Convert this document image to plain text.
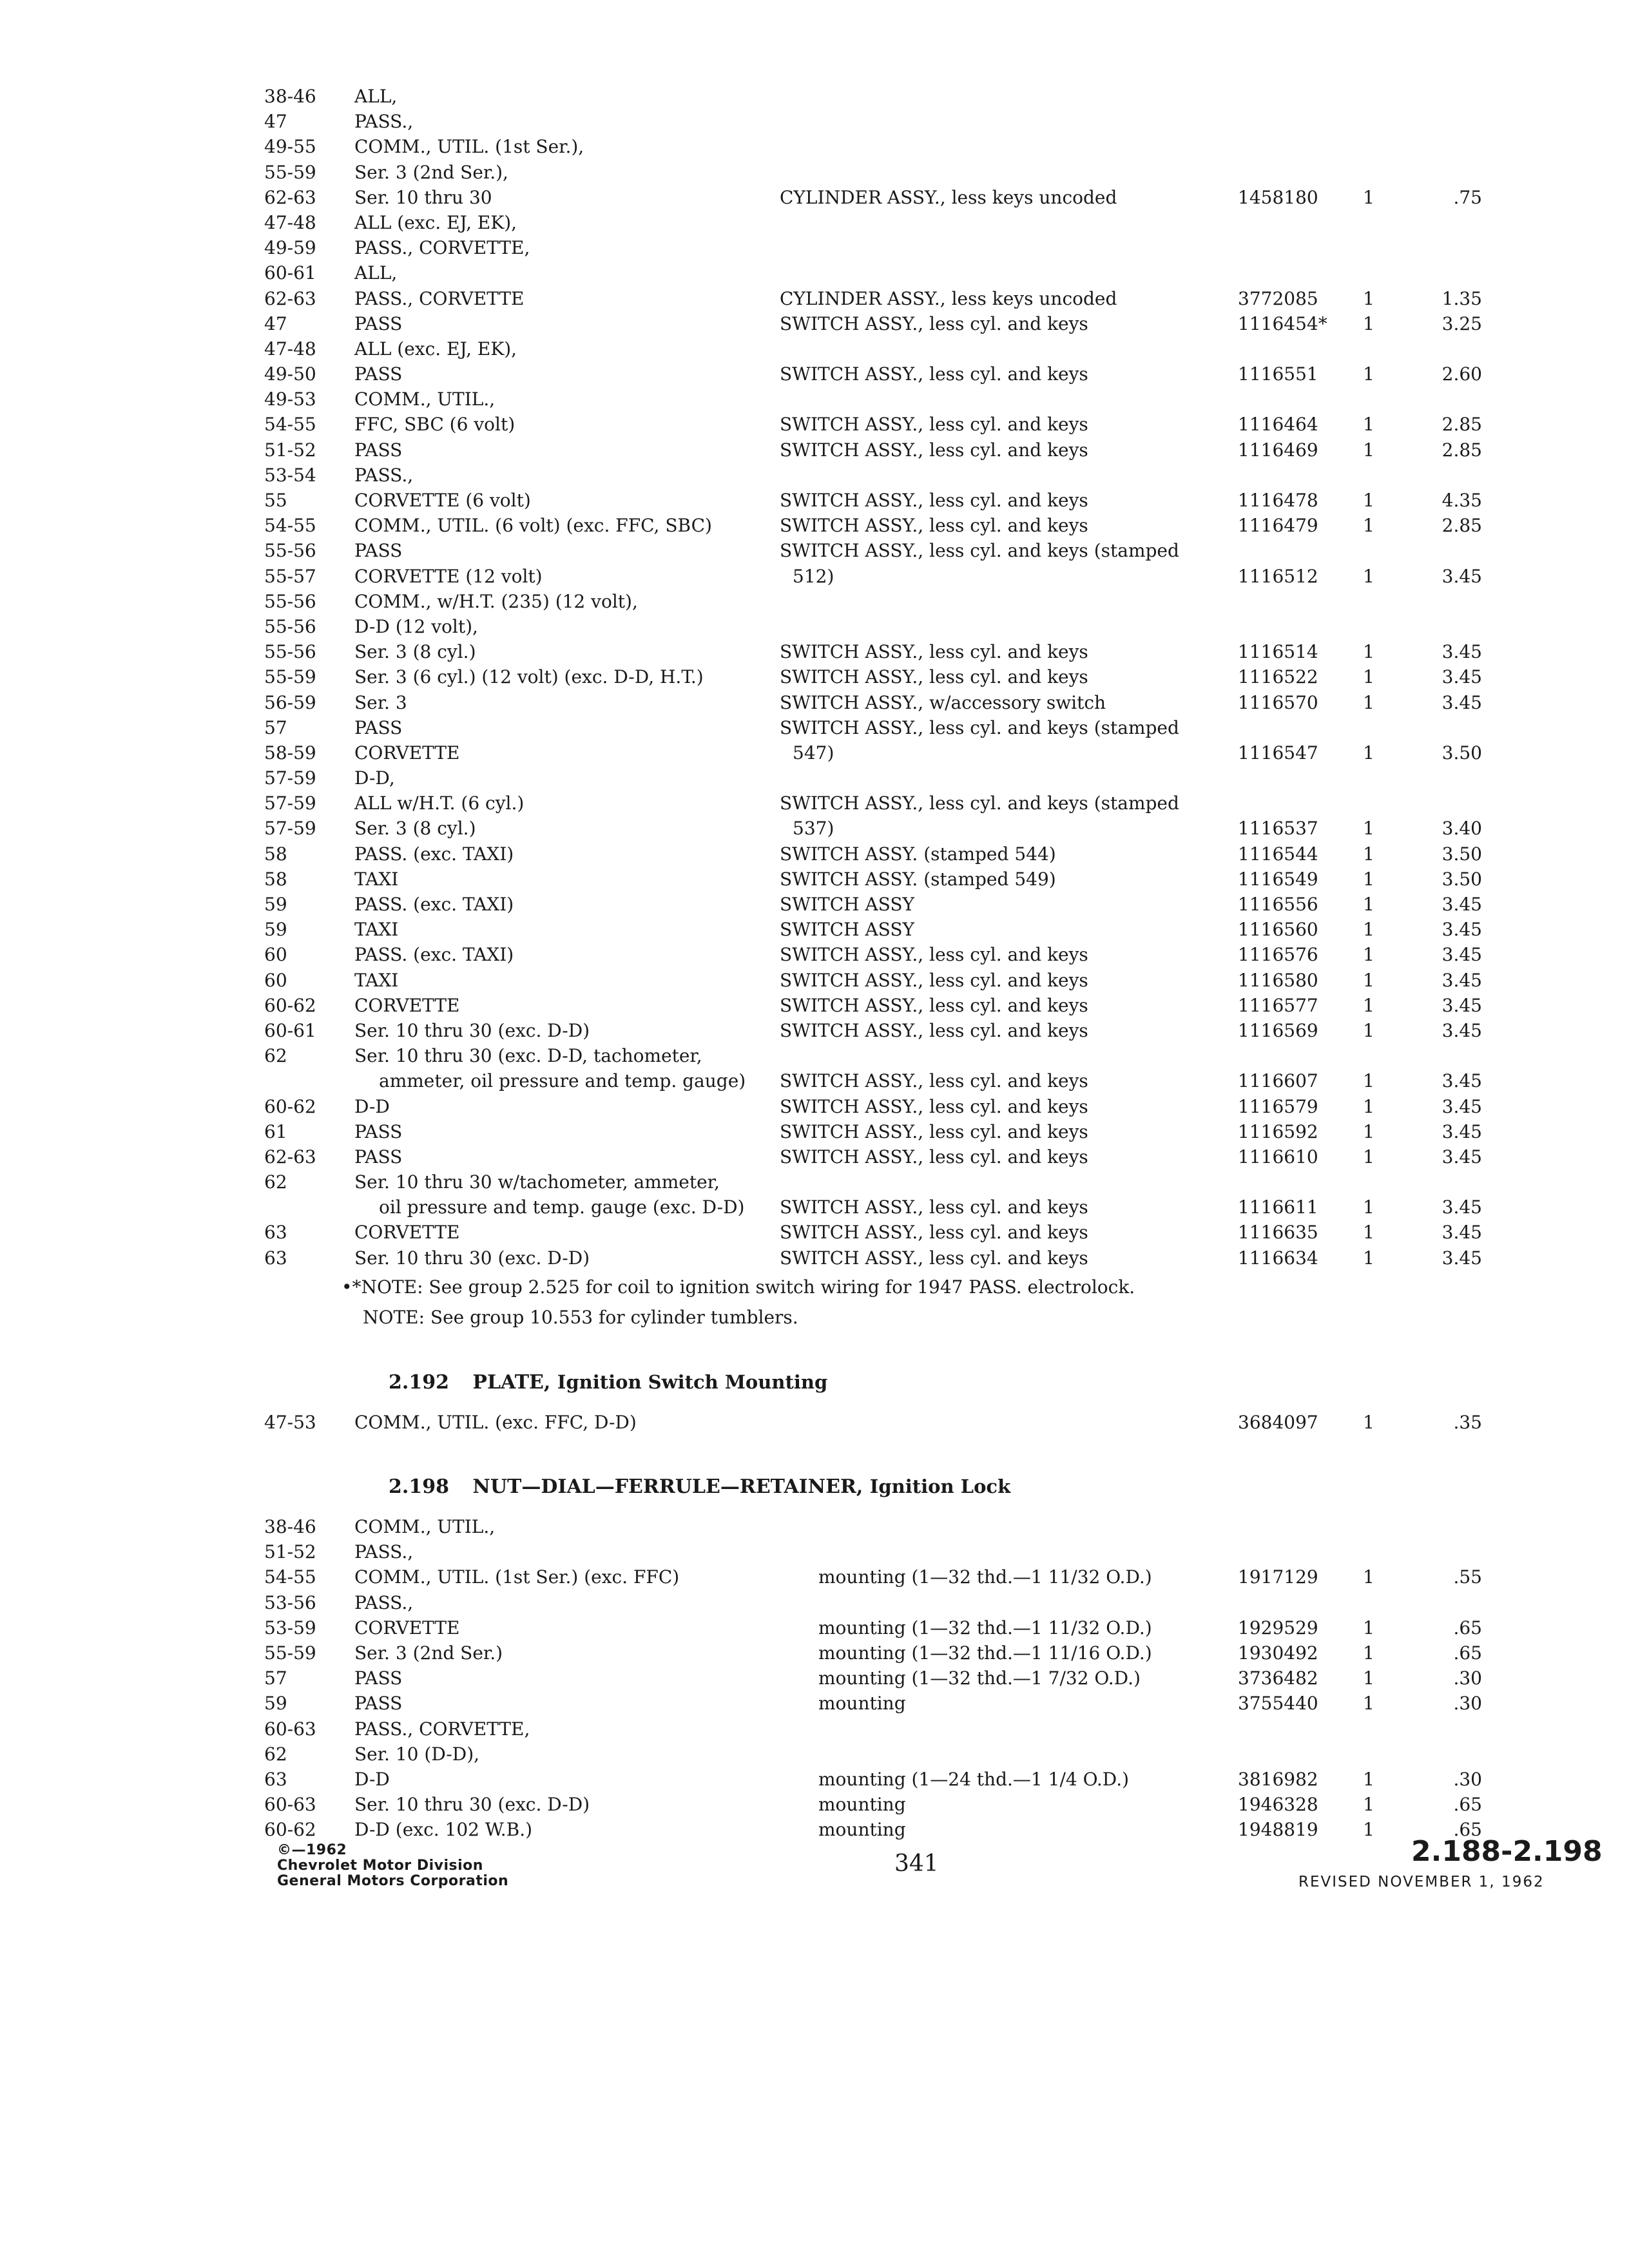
38-46	ALL,
47	PASS.,
49-55	COMM., UTIL. (1st Ser.),
55-59	Ser. 3 (2nd Ser.),
62-63	Ser. 10 thru 30	CYLINDER ASSY., less keys uncoded	1458180	1	.75
47-48	ALL (exc. EJ, EK),
49-59	PASS., CORVETTE,
60-61	ALL,
62-63	PASS., CORVETTE	CYLINDER ASSY., less keys uncoded	3772085	1	1.35
47	PASS	SWITCH ASSY., less cyl. and keys	1116454*	1	3.25
47-48	ALL (exc. EJ, EK),
49-50	PASS	SWITCH ASSY., less cyl. and keys	1116551	1	2.60
49-53	COMM., UTIL.,
54-55	FFC, SBC (6 volt)	SWITCH ASSY., less cyl. and keys	1116464	1	2.85
51-52	PASS	SWITCH ASSY., less cyl. and keys	1116469	1	2.85
53-54	PASS.,
55	CORVETTE (6 volt)	SWITCH ASSY., less cyl. and keys	1116478	1	4.35
54-55	COMM., UTIL. (6 volt) (exc. FFC, SBC)	SWITCH ASSY., less cyl. and keys	1116479	1	2.85
55-56	PASS	SWITCH ASSY., less cyl. and keys (stamped
55-57	CORVETTE (12 volt)	512)	1116512	1	3.45
55-56	COMM., w/H.T. (235) (12 volt),
55-56	D-D (12 volt),
55-56	Ser. 3 (8 cyl.)	SWITCH ASSY., less cyl. and keys	1116514	1	3.45
55-59	Ser. 3 (6 cyl.) (12 volt) (exc. D-D, H.T.)	SWITCH ASSY., less cyl. and keys	1116522	1	3.45
56-59	Ser. 3	SWITCH ASSY., w/accessory switch	1116570	1	3.45
57	PASS	SWITCH ASSY., less cyl. and keys (stamped
58-59	CORVETTE	547)	1116547	1	3.50
57-59	D-D,
57-59	ALL w/H.T. (6 cyl.)	SWITCH ASSY., less cyl. and keys (stamped
57-59	Ser. 3 (8 cyl.)	537)	1116537	1	3.40
58	PASS. (exc. TAXI)	SWITCH ASSY. (stamped 544)	1116544	1	3.50
58	TAXI	SWITCH ASSY. (stamped 549)	1116549	1	3.50
59	PASS. (exc. TAXI)	SWITCH ASSY	1116556	1	3.45
59	TAXI	SWITCH ASSY	1116560	1	3.45
60	PASS. (exc. TAXI)	SWITCH ASSY., less cyl. and keys	1116576	1	3.45
60	TAXI	SWITCH ASSY., less cyl. and keys	1116580	1	3.45
60-62	CORVETTE	SWITCH ASSY., less cyl. and keys	1116577	1	3.45
60-61	Ser. 10 thru 30 (exc. D-D)	SWITCH ASSY., less cyl. and keys	1116569	1	3.45
62	Ser. 10 thru 30 (exc. D-D, tachometer,
ammeter, oil pressure and temp. gauge)	SWITCH ASSY., less cyl. and keys	1116607	1	3.45
60-62	D-D	SWITCH ASSY., less cyl. and keys	1116579	1	3.45
61	PASS	SWITCH ASSY., less cyl. and keys	1116592	1	3.45
62-63	PASS	SWITCH ASSY., less cyl. and keys	1116610	1	3.45
62	Ser. 10 thru 30 w/tachometer, ammeter,
oil pressure and temp. gauge (exc. D-D)	SWITCH ASSY., less cyl. and keys	1116611	1	3.45
63	CORVETTE	SWITCH ASSY., less cyl. and keys	1116635	1	3.45
63	Ser. 10 thru 30 (exc. D-D)	SWITCH ASSY., less cyl. and keys	1116634	1	3.45
•*NOTE: See group 2.525 for coil to ignition switch wiring for 1947 PASS. electrolock.
NOTE: See group 10.553 for cylinder tumblers.
2.192 PLATE, Ignition Switch Mounting
47-53	COMM., UTIL. (exc. FFC, D-D)	3684097	1	.35
2.198 NUT—DIAL—FERRULE—RETAINER, Ignition Lock
38-46	COMM., UTIL.,
51-52	PASS.,
54-55	COMM., UTIL. (1st Ser.) (exc. FFC)	mounting (1—32 thd.—1 11/32 O.D.)	1917129	1	.55
53-56	PASS.,
53-59	CORVETTE	mounting (1—32 thd.—1 11/32 O.D.)	1929529	1	.65
55-59	Ser. 3 (2nd Ser.)	mounting (1—32 thd.—1 11/16 O.D.)	1930492	1	.65
57	PASS	mounting (1—32 thd.—1 7/32 O.D.)	3736482	1	.30
59	PASS	mounting	3755440	1	.30
60-63	PASS., CORVETTE,
62	Ser. 10 (D-D),
63	D-D	mounting (1—24 thd.—1 1/4 O.D.)	3816982	1	.30
60-63	Ser. 10 thru 30 (exc. D-D)	mounting	1946328	1	.65
60-62	D-D (exc. 102 W.B.)	mounting	1948819	1	.65
©—1962
Chevrolet Motor Division
General Motors Corporation
341	2.188-2.198
REVISED NOVEMBER 1, 1962
